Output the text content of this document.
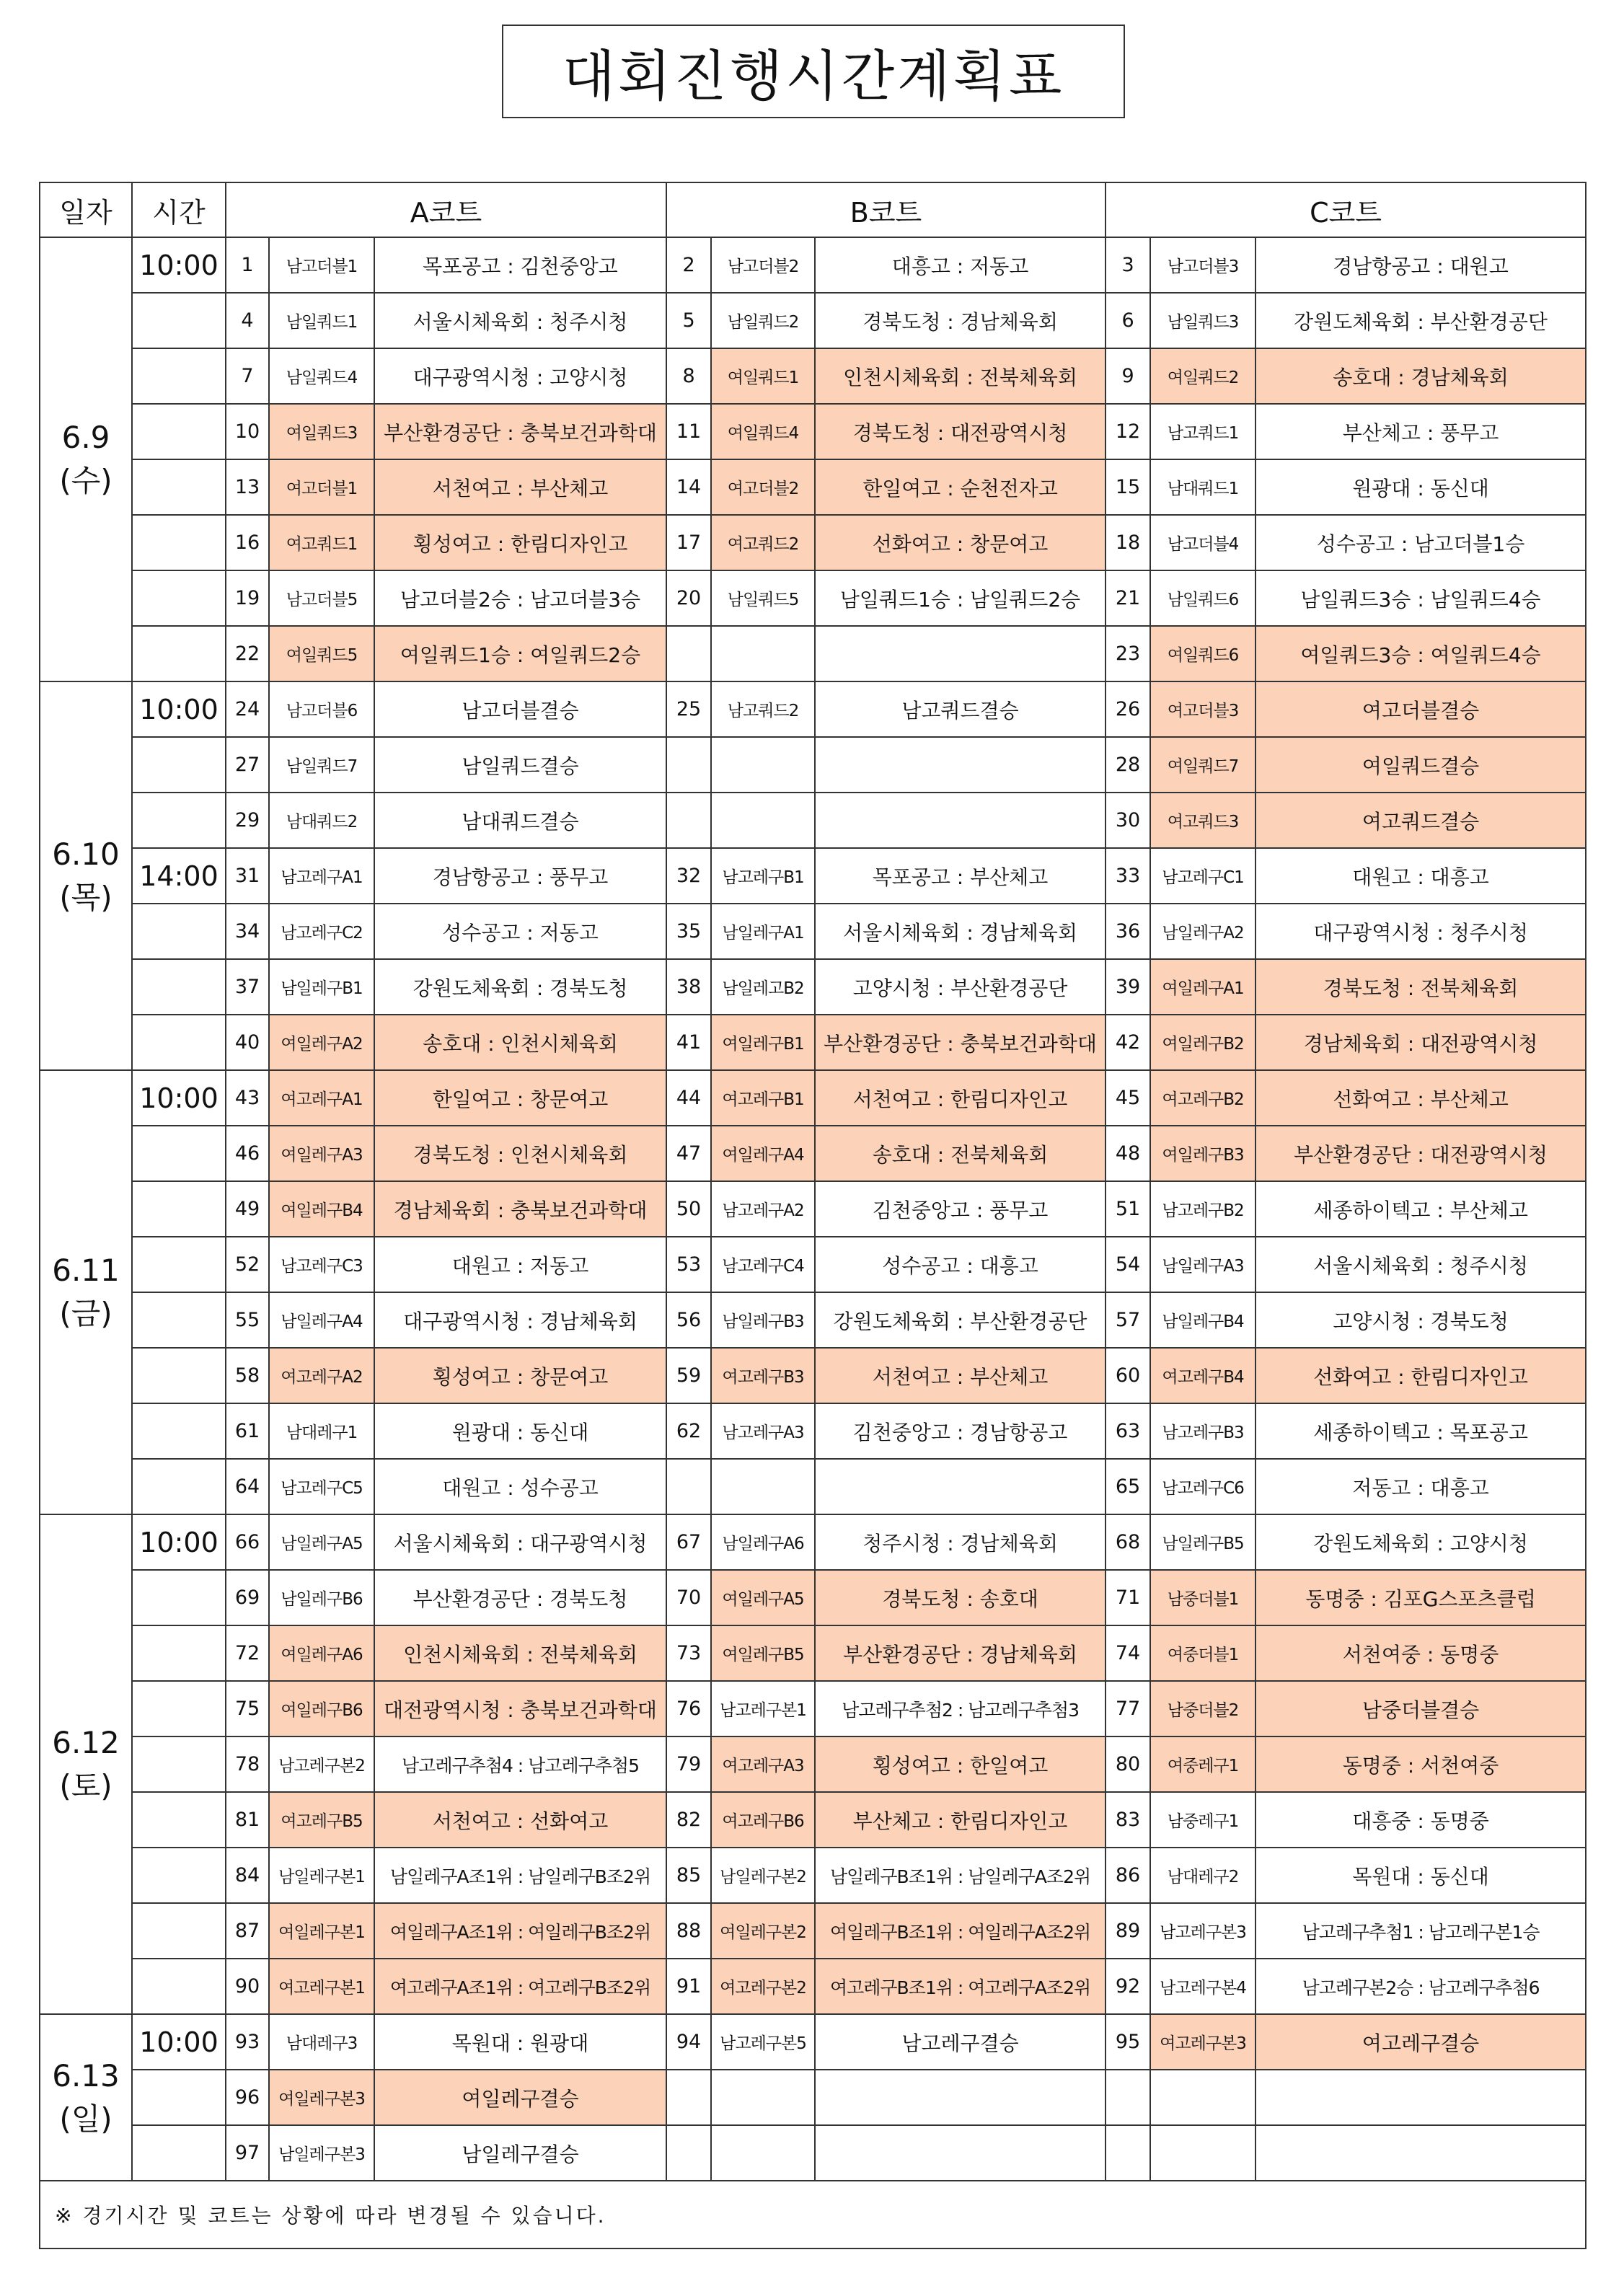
대회진행시간계획표
일자	시간	A코트			B코트			C코트		

6.9
(수)	10:00	1	남고더블1	목포공고 : 김천중앙고	2	남고더블2	대흥고 : 저동고	3	남고더블3	경남항공고 : 대원고
		4	남일쿼드1	서울시체육회 : 청주시청	5	남일쿼드2	경북도청 : 경남체육회	6	남일쿼드3	강원도체육회 : 부산환경공단
		7	남일쿼드4	대구광역시청 : 고양시청	8	여일쿼드1	인천시체육회 : 전북체육회	9	여일쿼드2	송호대 : 경남체육회
		10	여일쿼드3	부산환경공단 : 충북보건과학대	11	여일쿼드4	경북도청 : 대전광역시청	12	남고쿼드1	부산체고 : 풍무고
		13	여고더블1	서천여고 : 부산체고	14	여고더블2	한일여고 : 순천전자고	15	남대쿼드1	원광대 : 동신대
		16	여고쿼드1	횡성여고 : 한림디자인고	17	여고쿼드2	선화여고 : 창문여고	18	남고더블4	성수공고 : 남고더블1승
		19	남고더블5	남고더블2승 : 남고더블3승	20	남일쿼드5	남일쿼드1승 : 남일쿼드2승	21	남일쿼드6	남일쿼드3승 : 남일쿼드4승
		22	여일쿼드5	여일쿼드1승 : 여일쿼드2승				23	여일쿼드6	여일쿼드3승 : 여일쿼드4승

6.10
(목)	10:00	24	남고더블6	남고더블결승	25	남고쿼드2	남고쿼드결승	26	여고더블3	여고더블결승
		27	남일쿼드7	남일쿼드결승				28	여일쿼드7	여일쿼드결승
		29	남대쿼드2	남대쿼드결승				30	여고쿼드3	여고쿼드결승
	14:00	31	남고레구A1	경남항공고 : 풍무고	32	남고레구B1	목포공고 : 부산체고	33	남고레구C1	대원고 : 대흥고
		34	남고레구C2	성수공고 : 저동고	35	남일레구A1	서울시체육회 : 경남체육회	36	남일레구A2	대구광역시청 : 청주시청
		37	남일레구B1	강원도체육회 : 경북도청	38	남일레고B2	고양시청 : 부산환경공단	39	여일레구A1	경북도청 : 전북체육회
		40	여일레구A2	송호대 : 인천시체육회	41	여일레구B1	부산환경공단 : 충북보건과학대	42	여일레구B2	경남체육회 : 대전광역시청

6.11
(금)	10:00	43	여고레구A1	한일여고 : 창문여고	44	여고레구B1	서천여고 : 한림디자인고	45	여고레구B2	선화여고 : 부산체고
		46	여일레구A3	경북도청 : 인천시체육회	47	여일레구A4	송호대 : 전북체육회	48	여일레구B3	부산환경공단 : 대전광역시청
		49	여일레구B4	경남체육회 : 충북보건과학대	50	남고레구A2	김천중앙고 : 풍무고	51	남고레구B2	세종하이텍고 : 부산체고
		52	남고레구C3	대원고 : 저동고	53	남고레구C4	성수공고 : 대흥고	54	남일레구A3	서울시체육회 : 청주시청
		55	남일레구A4	대구광역시청 : 경남체육회	56	남일레구B3	강원도체육회 : 부산환경공단	57	남일레구B4	고양시청 : 경북도청
		58	여고레구A2	횡성여고 : 창문여고	59	여고레구B3	서천여고 : 부산체고	60	여고레구B4	선화여고 : 한림디자인고
		61	남대레구1	원광대 : 동신대	62	남고레구A3	김천중앙고 : 경남항공고	63	남고레구B3	세종하이텍고 : 목포공고
		64	남고레구C5	대원고 : 성수공고				65	남고레구C6	저동고 : 대흥고

6.12
(토)	10:00	66	남일레구A5	서울시체육회 : 대구광역시청	67	남일레구A6	청주시청 : 경남체육회	68	남일레구B5	강원도체육회 : 고양시청
		69	남일레구B6	부산환경공단 : 경북도청	70	여일레구A5	경북도청 : 송호대	71	남중더블1	동명중 : 김포G스포츠클럽
		72	여일레구A6	인천시체육회 : 전북체육회	73	여일레구B5	부산환경공단 : 경남체육회	74	여중더블1	서천여중 : 동명중
		75	여일레구B6	대전광역시청 : 충북보건과학대	76	남고레구본1	남고레구추첨2 : 남고레구추첨3	77	남중더블2	남중더블결승
		78	남고레구본2	남고레구추첨4 : 남고레구추첨5	79	여고레구A3	횡성여고 : 한일여고	80	여중레구1	동명중 : 서천여중
		81	여고레구B5	서천여고 : 선화여고	82	여고레구B6	부산체고 : 한림디자인고	83	남중레구1	대흥중 : 동명중
		84	남일레구본1	남일레구A조1위 : 남일레구B조2위	85	남일레구본2	남일레구B조1위 : 남일레구A조2위	86	남대레구2	목원대 : 동신대
		87	여일레구본1	여일레구A조1위 : 여일레구B조2위	88	여일레구본2	여일레구B조1위 : 여일레구A조2위	89	남고레구본3	남고레구추첨1 : 남고레구본1승
		90	여고레구본1	여고레구A조1위 : 여고레구B조2위	91	여고레구본2	여고레구B조1위 : 여고레구A조2위	92	남고레구본4	남고레구본2승 : 남고레구추첨6

6.13
(일)	10:00	93	남대레구3	목원대 : 원광대	94	남고레구본5	남고레구결승	95	여고레구본3	여고레구결승
		96	여일레구본3	여일레구결승						
		97	남일레구본3	남일레구결승						
※ 경기시간 및 코트는 상황에 따라 변경될 수 있습니다.										
